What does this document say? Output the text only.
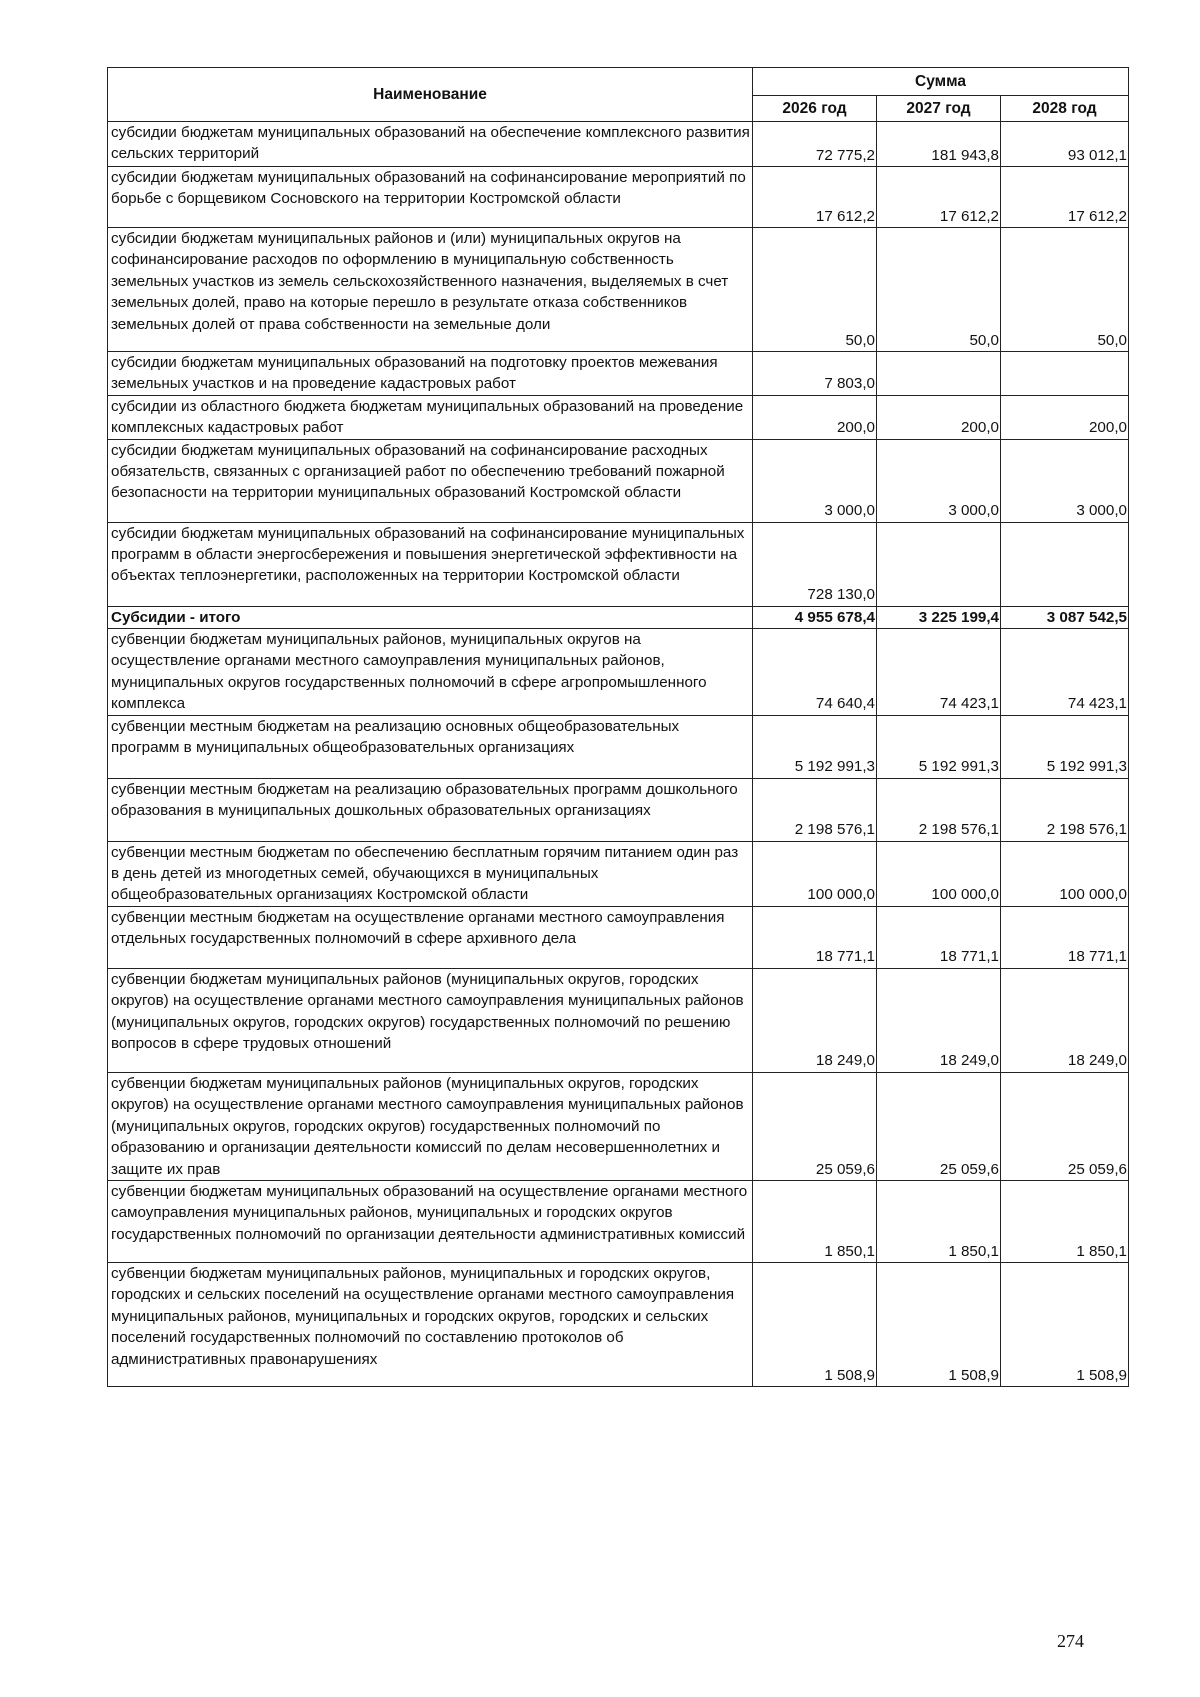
Наименование	Сумма		
	2026 год	2027 год	2028 год
субсидии бюджетам муниципальных образований на обеспечение комплексного развития сельских территорий	72 775,2	181 943,8	93 012,1
субсидии бюджетам муниципальных образований на софинансирование мероприятий по борьбе с борщевиком Сосновского на территории Костромской области	17 612,2	17 612,2	17 612,2
субсидии бюджетам муниципальных районов и (или) муниципальных округов на софинансирование расходов по оформлению в муниципальную собственность земельных участков из земель сельскохозяйственного назначения, выделяемых в счет земельных долей, право на которые перешло в результате отказа собственников земельных долей от права собственности на земельные доли	50,0	50,0	50,0
субсидии бюджетам муниципальных образований на подготовку проектов межевания земельных участков и на проведение кадастровых работ	7 803,0		
субсидии из областного бюджета бюджетам муниципальных образований на проведение комплексных кадастровых работ	200,0	200,0	200,0
субсидии бюджетам муниципальных образований на софинансирование расходных обязательств, связанных с организацией работ по обеспечению требований пожарной безопасности на территории муниципальных образований Костромской области	3 000,0	3 000,0	3 000,0
субсидии бюджетам муниципальных образований на софинансирование муниципальных программ в области энергосбережения и повышения энергетической эффективности на объектах теплоэнергетики, расположенных на территории Костромской области	728 130,0		
Субсидии - итого	4 955 678,4	3 225 199,4	3 087 542,5
субвенции бюджетам муниципальных районов, муниципальных округов на осуществление органами местного самоуправления муниципальных районов, муниципальных округов государственных полномочий в сфере агропромышленного комплекса	74 640,4	74 423,1	74 423,1
субвенции местным бюджетам на реализацию основных общеобразовательных программ в муниципальных общеобразовательных организациях	5 192 991,3	5 192 991,3	5 192 991,3
субвенции местным бюджетам на реализацию образовательных программ дошкольного образования в муниципальных дошкольных образовательных организациях	2 198 576,1	2 198 576,1	2 198 576,1
субвенции местным бюджетам по обеспечению бесплатным горячим питанием один раз в день детей из многодетных семей, обучающихся в муниципальных общеобразовательных организациях Костромской области	100 000,0	100 000,0	100 000,0
субвенции местным бюджетам на осуществление органами местного самоуправления отдельных государственных полномочий в сфере архивного дела	18 771,1	18 771,1	18 771,1
субвенции бюджетам муниципальных районов (муниципальных округов, городских округов) на осуществление органами местного самоуправления муниципальных районов (муниципальных округов, городских округов) государственных полномочий по решению вопросов в сфере трудовых отношений	18 249,0	18 249,0	18 249,0
субвенции бюджетам муниципальных районов (муниципальных округов, городских округов) на осуществление органами местного самоуправления муниципальных районов (муниципальных округов, городских округов) государственных полномочий по образованию и организации деятельности комиссий по делам несовершеннолетних и защите их прав	25 059,6	25 059,6	25 059,6
субвенции бюджетам муниципальных образований на осуществление органами местного самоуправления муниципальных районов, муниципальных и городских округов государственных полномочий по организации деятельности административных комиссий	1 850,1	1 850,1	1 850,1
субвенции бюджетам муниципальных районов, муниципальных и городских округов, городских и сельских поселений на осуществление органами местного самоуправления муниципальных районов, муниципальных и городских округов, городских и сельских поселений государственных полномочий по составлению протоколов об административных правонарушениях	1 508,9	1 508,9	1 508,9
274
